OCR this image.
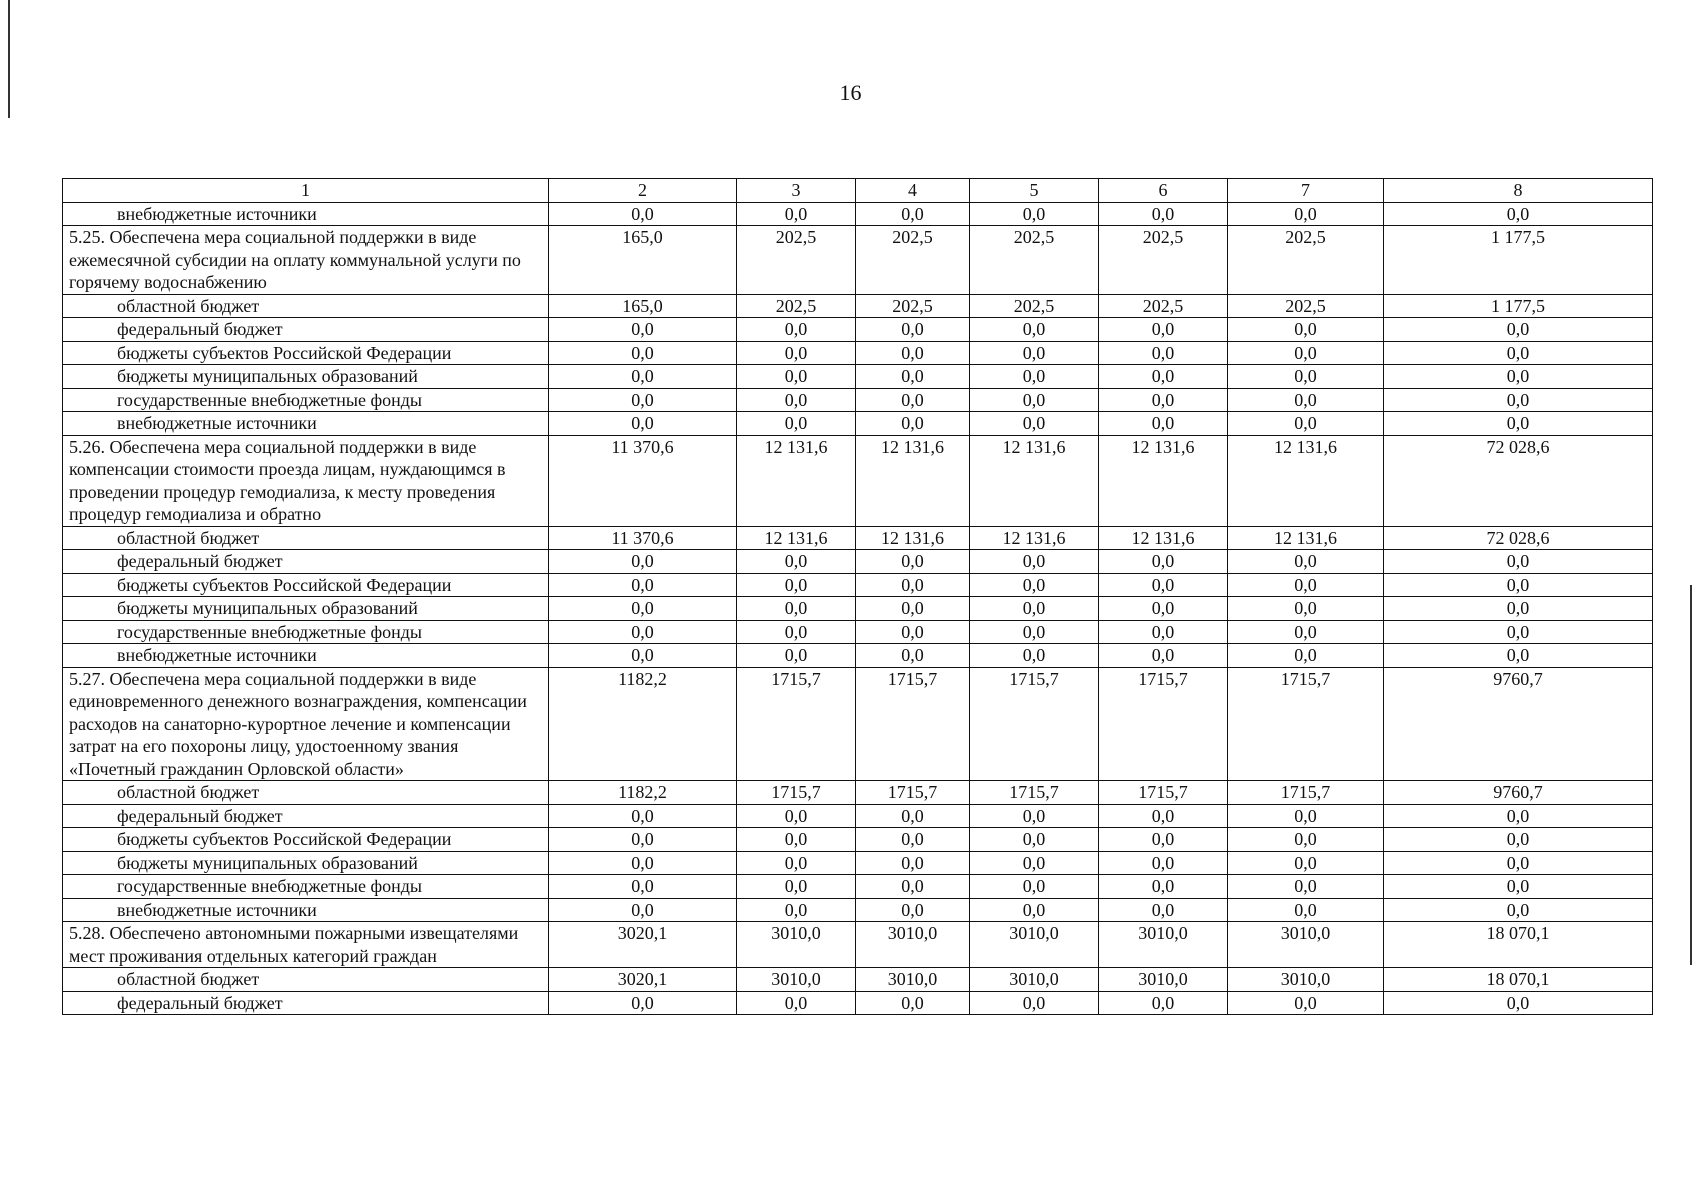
16
1	2	3	4	5	6	7	8
внебюджетные источники	0,0	0,0	0,0	0,0	0,0	0,0	0,0
5.25. Обеспечена мера социальной поддержки в виде ежемесячной субсидии на оплату коммунальной услуги по горячему водоснабжению	165,0	202,5	202,5	202,5	202,5	202,5	1 177,5
областной бюджет	165,0	202,5	202,5	202,5	202,5	202,5	1 177,5
федеральный бюджет	0,0	0,0	0,0	0,0	0,0	0,0	0,0
бюджеты субъектов Российской Федерации	0,0	0,0	0,0	0,0	0,0	0,0	0,0
бюджеты муниципальных образований	0,0	0,0	0,0	0,0	0,0	0,0	0,0
государственные внебюджетные фонды	0,0	0,0	0,0	0,0	0,0	0,0	0,0
внебюджетные источники	0,0	0,0	0,0	0,0	0,0	0,0	0,0
5.26. Обеспечена мера социальной поддержки в виде компенсации стоимости проезда лицам, нуждающимся в проведении процедур гемодиализа, к месту проведения процедур гемодиализа и обратно	11 370,6	12 131,6	12 131,6	12 131,6	12 131,6	12 131,6	72 028,6
областной бюджет	11 370,6	12 131,6	12 131,6	12 131,6	12 131,6	12 131,6	72 028,6
федеральный бюджет	0,0	0,0	0,0	0,0	0,0	0,0	0,0
бюджеты субъектов Российской Федерации	0,0	0,0	0,0	0,0	0,0	0,0	0,0
бюджеты муниципальных образований	0,0	0,0	0,0	0,0	0,0	0,0	0,0
государственные внебюджетные фонды	0,0	0,0	0,0	0,0	0,0	0,0	0,0
внебюджетные источники	0,0	0,0	0,0	0,0	0,0	0,0	0,0
5.27. Обеспечена мера социальной поддержки в виде единовременного денежного вознаграждения, компенсации расходов на санаторно-курортное лечение и компенсации затрат на его похороны лицу, удостоенному звания «Почетный гражданин Орловской области»	1182,2	1715,7	1715,7	1715,7	1715,7	1715,7	9760,7
областной бюджет	1182,2	1715,7	1715,7	1715,7	1715,7	1715,7	9760,7
федеральный бюджет	0,0	0,0	0,0	0,0	0,0	0,0	0,0
бюджеты субъектов Российской Федерации	0,0	0,0	0,0	0,0	0,0	0,0	0,0
бюджеты муниципальных образований	0,0	0,0	0,0	0,0	0,0	0,0	0,0
государственные внебюджетные фонды	0,0	0,0	0,0	0,0	0,0	0,0	0,0
внебюджетные источники	0,0	0,0	0,0	0,0	0,0	0,0	0,0
5.28. Обеспечено автономными пожарными извещателями мест проживания отдельных категорий граждан	3020,1	3010,0	3010,0	3010,0	3010,0	3010,0	18 070,1
областной бюджет	3020,1	3010,0	3010,0	3010,0	3010,0	3010,0	18 070,1
федеральный бюджет	0,0	0,0	0,0	0,0	0,0	0,0	0,0
